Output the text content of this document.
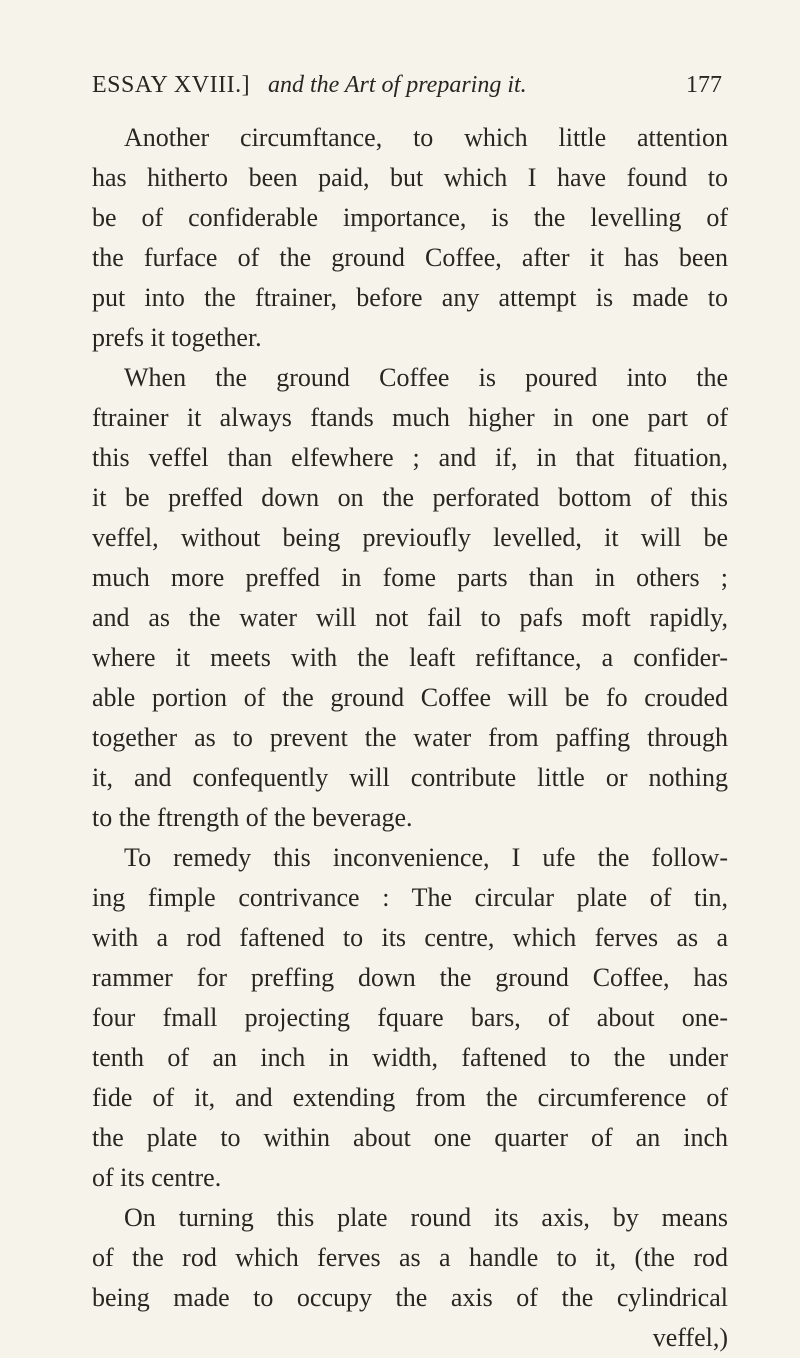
ESSAY XVIII.] and the Art of preparing it.	177
Another circumftance, to which little attention
has hitherto been paid, but which I have found to
be of confiderable importance, is the levelling of
the furface of the ground Coffee, after it has been
put into the ftrainer, before any attempt is made to
prefs it together.
When the ground Coffee is poured into the
ftrainer it always ftands much higher in one part of
this veffel than elfewhere ; and if, in that fituation,
it be preffed down on the perforated bottom of this
veffel, without being previoufly levelled, it will be
much more preffed in fome parts than in others ;
and as the water will not fail to pafs moft rapidly,
where it meets with the leaft refiftance, a confider-
able portion of the ground Coffee will be fo crouded
together as to prevent the water from paffing through
it, and confequently will contribute little or nothing
to the ftrength of the beverage.
To remedy this inconvenience, I ufe the follow-
ing fimple contrivance : The circular plate of tin,
with a rod faftened to its centre, which ferves as a
rammer for preffing down the ground Coffee, has
four fmall projecting fquare bars, of about one-
tenth of an inch in width, faftened to the under
fide of it, and extending from the circumference of
the plate to within about one quarter of an inch
of its centre.
On turning this plate round its axis, by means
of the rod which ferves as a handle to it, (the rod
being made to occupy the axis of the cylindrical
veffel,)
